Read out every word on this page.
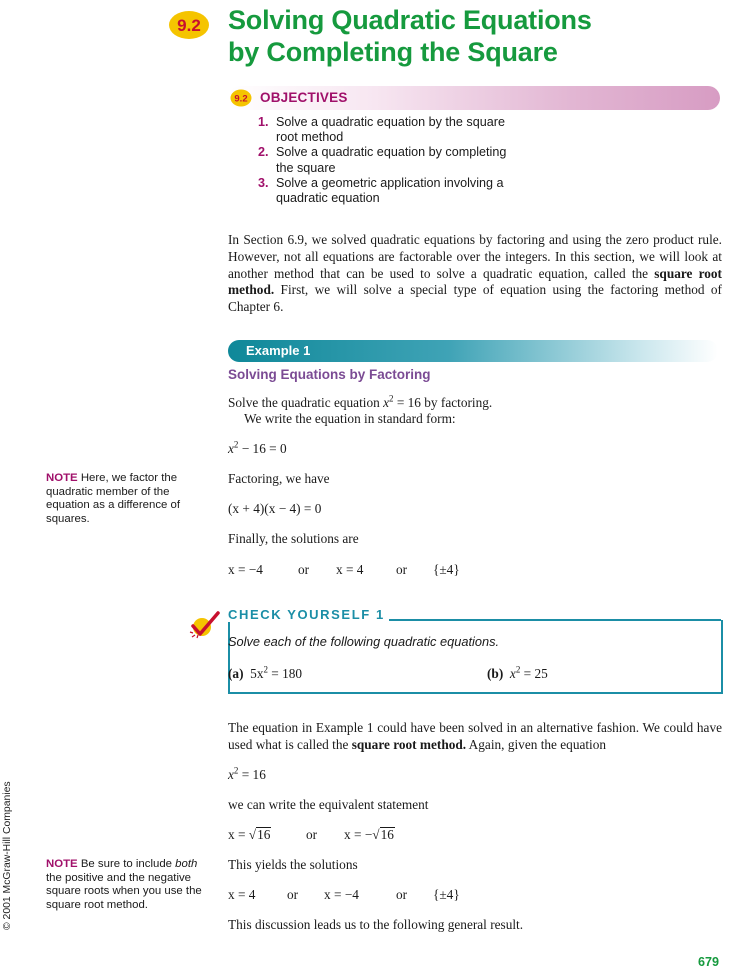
9.2 Solving Quadratic Equations
by Completing the Square
9.2 OBJECTIVES
1. Solve a quadratic equation by the square
root method
2. Solve a quadratic equation by completing
the square
3. Solve a geometric application involving a
quadratic equation
In Section 6.9, we solved quadratic equations by factoring and using the zero product rule. However, not all equations are factorable over the integers. In this section, we will look at another method that can be used to solve a quadratic equation, called the square root method. First, we will solve a special type of equation using the factoring method of Chapter 6.
Example 1
Solving Equations by Factoring
Solve the quadratic equation $x^2 = 16$ by factoring.
We write the equation in standard form:
$x^2 - 16 = 0$
Factoring, we have
(x + 4)(x − 4) = 0
Finally, the solutions are
x = −4	or x = 4 or {±4}
NOTE Here, we factor the quadratic member of the equation as a difference of squares.
CHECK YOURSELF 1
Solve each of the following quadratic equations.
(a) $5x^2 = 180$	(b) $x^2 = 25$
The equation in Example 1 could have been solved in an alternative fashion. We could have used what is called the square root method. Again, given the equation
$x^2 = 16$
we can write the equivalent statement
x = √16	or x = −√16
This yields the solutions
x = 4 or x = −4	or {±4}
This discussion leads us to the following general result.
NOTE Be sure to include both the positive and the negative square roots when you use the square root method.
© 2001 McGraw-Hill Companies
679
